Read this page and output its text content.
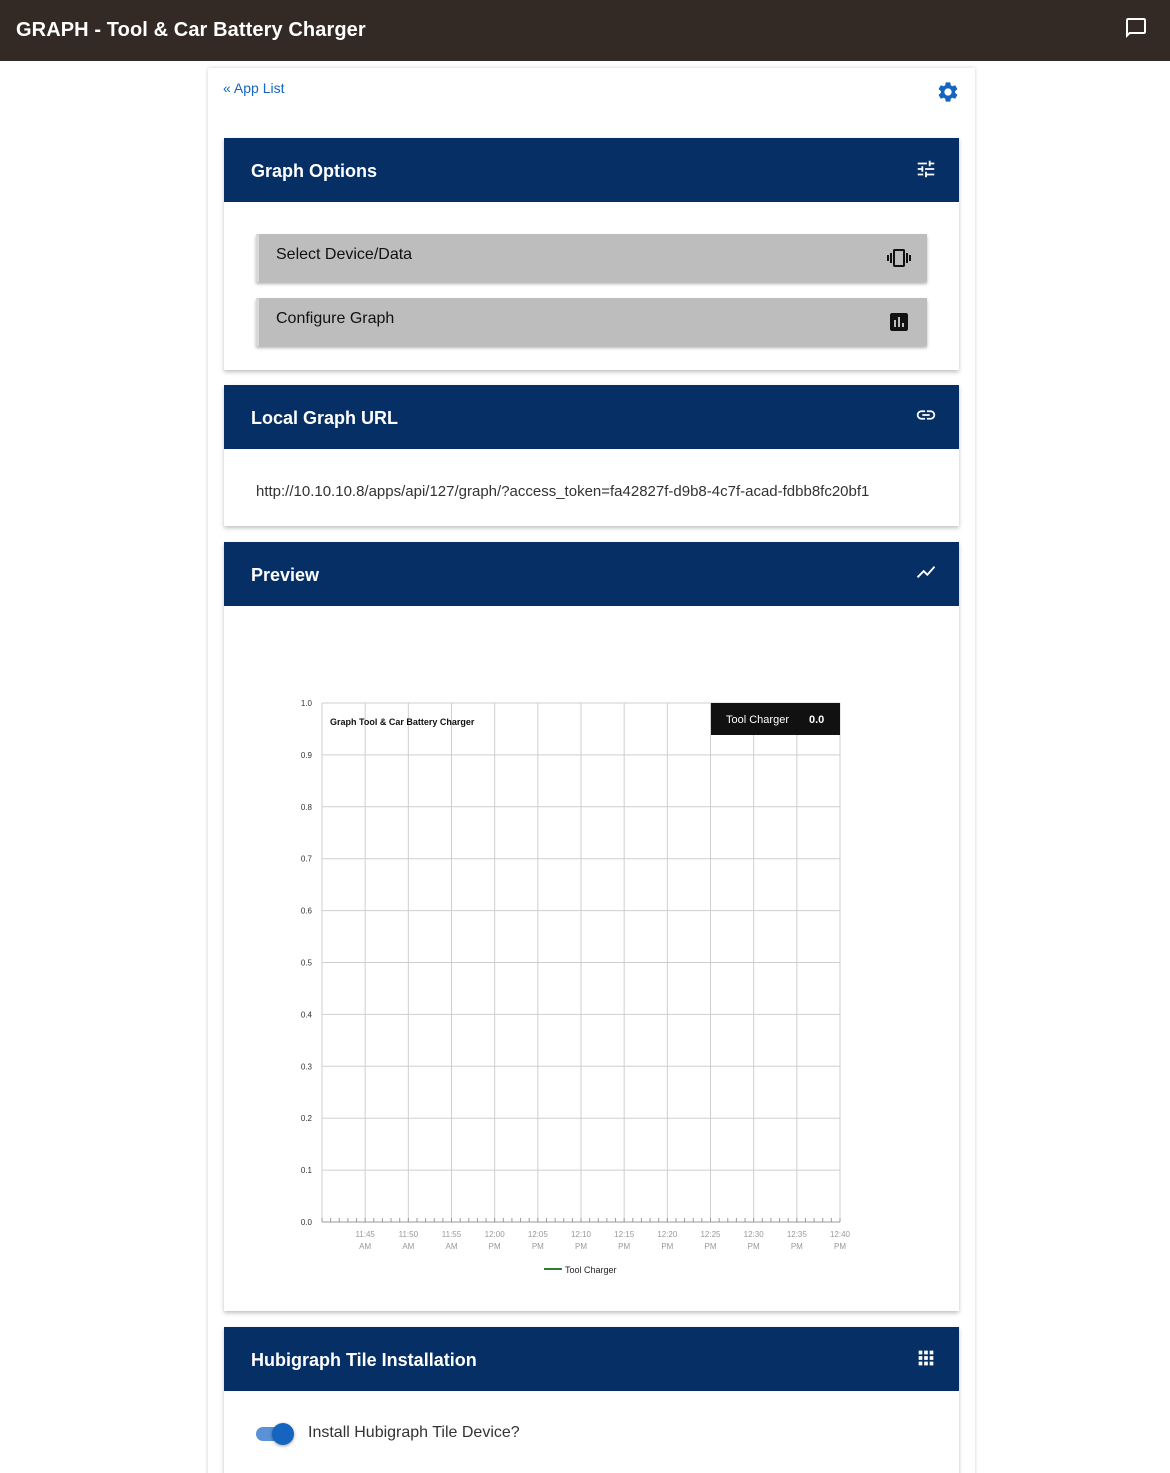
GRAPH - Tool & Car Battery Charger
« App List
Graph Options
Select Device/Data
Configure Graph
Local Graph URL
http://10.10.10.8/apps/api/127/graph/?access_token=fa42827f-d9b8-4c7f-acad-fdbb8fc20bf1
Preview
0.0
0.1
0.2
0.3
0.4
0.5
0.6
0.7
0.8
0.9
1.0
11:45
AM
11:50
AM
11:55
AM
12:00
PM
12:05
PM
12:10
PM
12:15
PM
12:20
PM
12:25
PM
12:30
PM
12:35
PM
12:40
PM
Graph Tool & Car Battery Charger	Tool Charger 0.0
Tool Charger
Hubigraph Tile Installation
Install Hubigraph Tile Device?
